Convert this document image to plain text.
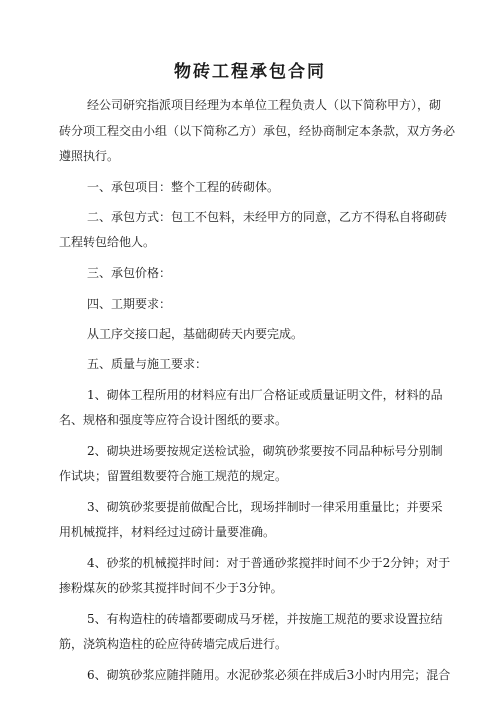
物砖工程承包合同
经公司研究指派项目经理为本单位工程负责人（以下简称甲方），砌
砖分项工程交由小组（以下简称乙方）承包，经协商制定本条款，双方务必
遵照执行。
一、承包项目：整个工程的砖砌体。
二、承包方式：包工不包料，未经甲方的同意，乙方不得私自将砌砖
工程转包给他人。
三、承包价格：
四、工期要求：
从工序交接口起，基础砌砖天内要完成。
五、质量与施工要求：
1、砌体工程所用的材料应有出厂合格证或质量证明文件，材料的品
名、规格和强度等应符合设计图纸的要求。
2、砌块进场要按规定送检试验，砌筑砂浆要按不同品种标号分别制
作试块；留置组数要符合施工规范的规定。
3、砌筑砂浆要提前做配合比，现场拌制时一律采用重量比；并要采
用机械搅拌，材料经过过磅计量要准确。
4、砂浆的机械搅拌时间：对于普通砂浆搅拌时间不少于2分钟；对于
掺粉煤灰的砂浆其搅拌时间不少于3分钟。
5、有构造柱的砖墙都要砌成马牙槎，并按施工规范的要求设置拉结
筋，浇筑构造柱的砼应待砖墙完成后进行。
6、砌筑砂浆应随拌随用。水泥砂浆必须在拌成后3小时内用完；混合
